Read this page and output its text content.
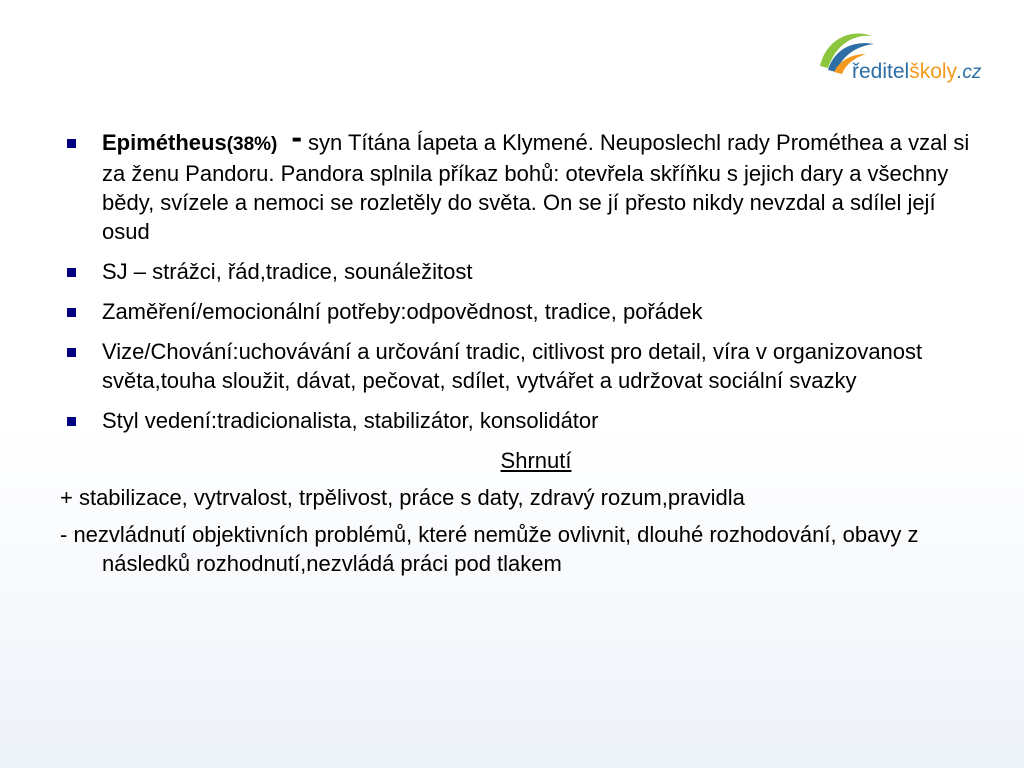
ředitelškoly.cz
Epimétheus(38%) - syn Títána Íapeta a Klymené. Neuposlechl rady Prométhea a vzal si za ženu Pandoru. Pandora splnila příkaz bohů: otevřela skříňku s jejich dary a všechny bědy, svízele a nemoci se rozletěly do světa. On se jí přesto nikdy nevzdal a sdílel její osud
SJ – strážci, řád,tradice, sounáležitost
Zaměření/emocionální potřeby:odpovědnost, tradice, pořádek
Vize/Chování:uchovávání a určování tradic, citlivost pro detail, víra v organizovanost světa,touha sloužit, dávat, pečovat, sdílet, vytvářet a udržovat sociální svazky
Styl vedení:tradicionalista, stabilizátor, konsolidátor
Shrnutí
+ stabilizace, vytrvalost, trpělivost, práce s daty, zdravý rozum,pravidla
- nezvládnutí objektivních problémů, které nemůže ovlivnit, dlouhé rozhodování, obavy z následků rozhodnutí,nezvládá práci pod tlakem
